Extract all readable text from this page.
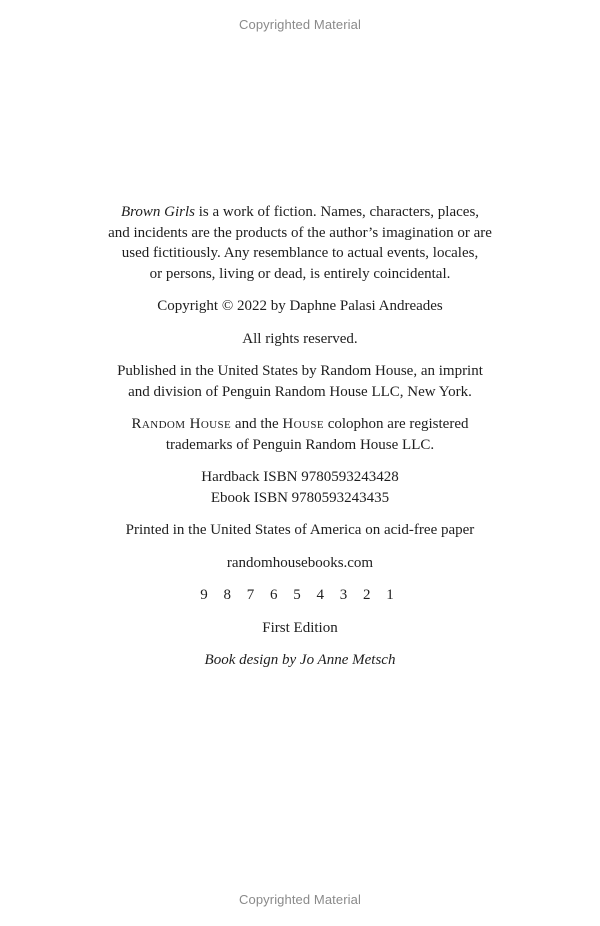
Copyrighted Material

Brown Girls is a work of fiction. Names, characters, places,

and incidents are the products of the author’s imagination or are

used fictitiously. Any resemblance to actual events, locales,

or persons, living or dead, is entirely coincidental.

Copyright © 2022 by Daphne Palasi Andreades

All rights reserved.

Published in the United States by Random House, an imprint

and division of Penguin Random House LLC, New York.

Random House and the House colophon are registered

trademarks of Penguin Random House LLC.

Hardback ISBN 9780593243428

Ebook ISBN 9780593243435

Printed in the United States of America on acid-free paper

randomhousebooks.com

9 8 7 6 5 4 3 2 1

First Edition

Book design by Jo Anne Metsch

Copyrighted Material
